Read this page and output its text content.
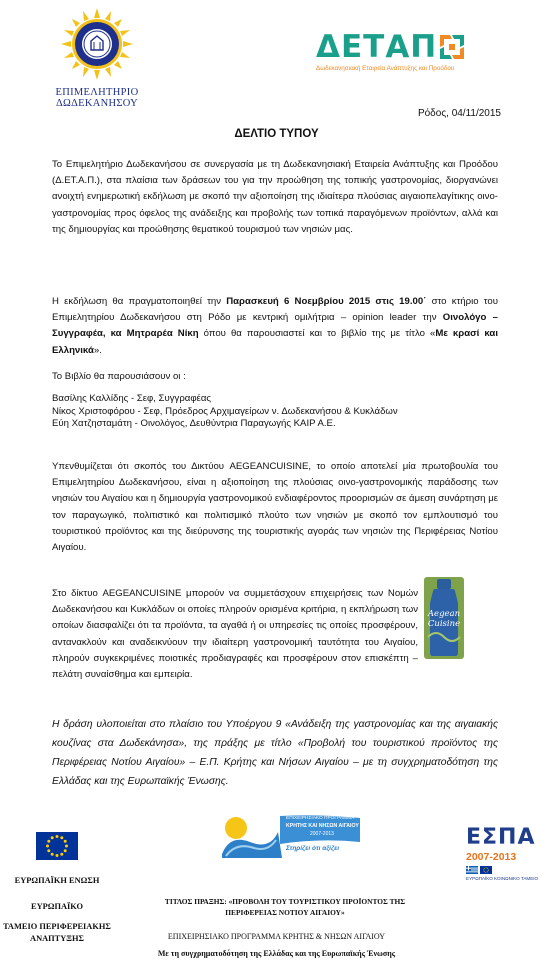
ΕΠΙΜΕΛΗΤΗΡΙΟ
ΔΩΔΕΚΑΝΗΣΟΥ
ΔΕΤΑΠ
Δωδεκανησιακή Εταιρεία Ανάπτυξης και Προόδου
Ρόδος, 04/11/2015
ΔΕΛΤΙΟ ΤΥΠΟΥ

Το Επιμελητήριο Δωδεκανήσου σε συνεργασία με τη Δωδεκανησιακή Εταιρεία Ανάπτυξης και Προόδου (Δ.ΕΤ.Α.Π.), στα πλαίσια των δράσεων του για την προώθηση της τοπικής γαστρονομίας, διοργανώνει ανοιχτή ενημερωτική εκδήλωση με σκοπό την αξιοποίηση της ιδιαίτερα πλούσιας αιγαιοπελαγίτικης οινο-γαστρονομίας προς όφελος της ανάδειξης και προβολής των τοπικά παραγόμενων προϊόντων, αλλά και της δημιουργίας και προώθησης θεματικού τουρισμού των νησιών μας.

Η εκδήλωση θα πραγματοποιηθεί την Παρασκευή 6 Νοεμβρίου 2015 στις 19.00΄ στο κτήριο του Επιμελητηρίου Δωδεκανήσου στη Ρόδο με κεντρική ομιλήτρια – opinion leader την Οινολόγο – Συγγραφέα, κα Μητραρέα Νίκη όπου θα παρουσιαστεί και το βιβλίο της με τίτλο «Με κρασί και Ελληνικά».

Το Βιβλίο θα παρουσιάσουν οι :
Βασίλης Καλλίδης - Σεφ, Συγγραφέας
Νίκος Χριστοφόρου - Σεφ, Πρόεδρος Αρχιμαγείρων ν. Δωδεκανήσου & Κυκλάδων
Εύη Χατζησταμάτη - Οινολόγος, Δευθύντρια Παραγωγής ΚΑΙΡ Α.Ε.

Υπενθυμίζεται ότι σκοπός του Δικτύου AEGEANCUISINE, το οποίο αποτελεί μία πρωτοβουλία του Επιμελητηρίου Δωδεκανήσου, είναι η αξιοποίηση της πλούσιας οινο-γαστρονομικής παράδοσης των νησιών του Αιγαίου και η δημιουργία γαστρονομικού ενδιαφέροντος προορισμών σε άμεση συνάρτηση με τον παραγωγικό, πολιτιστικό και πολιτισμικό πλούτο των νησιών με σκοπό τον εμπλουτισμό του τουριστικού προϊόντος και της διεύρυνσης της τουριστικής αγοράς των νησιών της Περιφέρειας Νοτίου Αιγαίου.

Στο δίκτυο AEGEANCUISINE μπορούν να συμμετάσχουν επιχειρήσεις των Νομών Δωδεκανήσου και Κυκλάδων οι οποίες πληρούν ορισμένα κριτήρια, η εκπλήρωση των οποίων διασφαλίζει ότι τα προϊόντα, τα αγαθά ή οι υπηρεσίες τις οποίες προσφέρουν, αντανακλούν και αναδεικνύουν την ιδιαίτερη γαστρονομική ταυτότητα του Αιγαίου, πληρούν συγκεκριμένες ποιοτικές προδιαγραφές και προσφέρουν στον επισκέπτη – πελάτη συναίσθημα και εμπειρία.

Aegean
Cuisine

Η δράση υλοποιείται στο πλαίσιο του Υποέργου 9 «Ανάδειξη της γαστρονομίας και της αιγαιακής κουζίνας στα Δωδεκάνησα», της πράξης με τίτλο «Προβολή του τουριστικού προϊόντος της Περιφέρειας Νοτίου Αιγαίου» – Ε.Π. Κρήτης και Νήσων Αιγαίου – με τη συγχρηματοδότηση της Ελλάδας και της Ευρωπαϊκής Ένωσης.

ΕΥΡΩΠΑΪΚΗ ΕΝΩΣΗ
ΕΥΡΩΠΑΪΚΟ
ΤΑΜΕΙΟ ΠΕΡΙΦΕΡΕΙΑΚΗΣ
ΑΝΑΠΤΥΞΗΣ
ΕΠΙΧΕΙΡΗΣΙΑΚΟ ΠΡΟΓΡΑΜΜΑ
ΚΡΗΤΗΣ ΚΑΙ ΝΗΣΩΝ ΑΙΓΑΙΟΥ
2007-2013
Στηρίζει ότι αξίζει	ΕΣΠΑ
2007-2013
ΕΥΡΩΠΑΪΚΟ ΚΟΙΝΩΝΙΚΟ ΤΑΜΕΙΟ
ΤΙΤΛΟΣ ΠΡΑΞΗΣ: «ΠΡΟΒΟΛΗ ΤΟΥ ΤΟΥΡΙΣΤΙΚΟΥ ΠΡΟΪΟΝΤΟΣ ΤΗΣ ΠΕΡΙΦΕΡΕΙΑΣ ΝΟΤΙΟΥ ΑΙΓΑΙΟΥ»
ΕΠΙΧΕΙΡΗΣΙΑΚΟ ΠΡΟΓΡΑΜΜΑ ΚΡΗΤΗΣ & ΝΗΣΩΝ ΑΙΓΑΙΟΥ
Με τη συγχρηματοδότηση της Ελλάδας και της Ευρωπαϊκής Ένωσης
